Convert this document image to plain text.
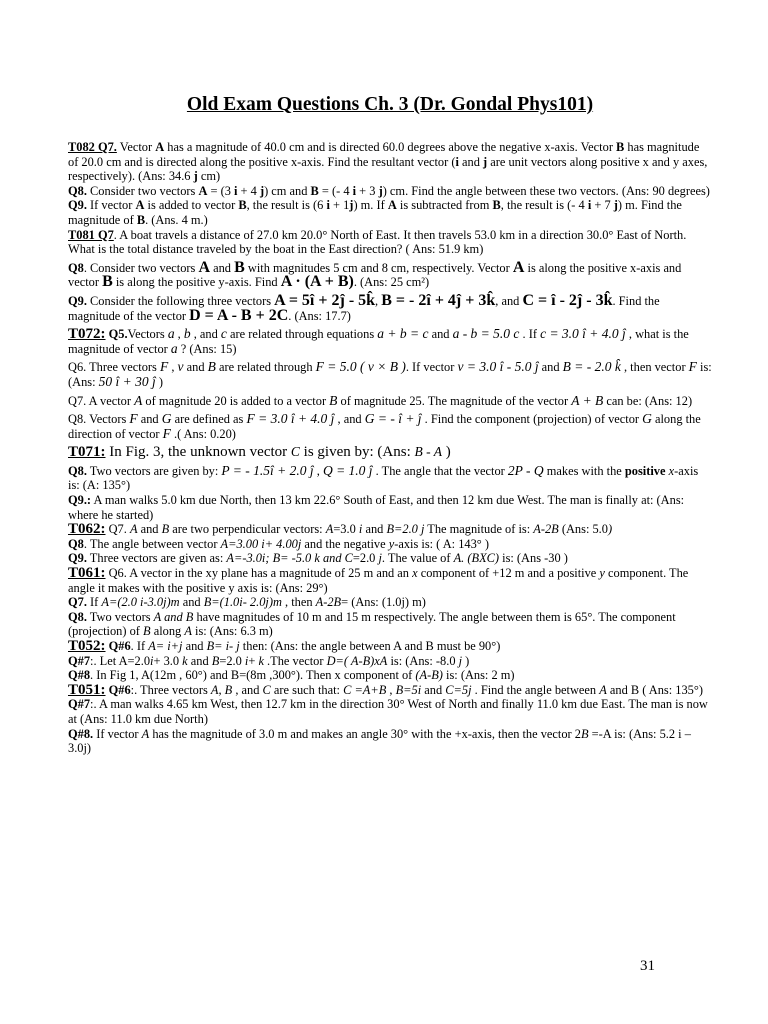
Old Exam Questions Ch. 3 (Dr. Gondal Phys101)

T082 Q7. Vector A has a magnitude of 40.0 cm and is directed 60.0 degrees above the negative x-axis. Vector B has magnitude of 20.0 cm and is directed along the positive x-axis. Find the resultant vector (i and j are unit vectors along positive x and y axes, respectively). (Ans: 34.6 j cm)

Q8. Consider two vectors A = (3 i + 4 j) cm and B = (- 4 i + 3 j) cm. Find the angle between these two vectors. (Ans: 90 degrees)

Q9. If vector A is added to vector B, the result is (6 i + 1j) m. If A is subtracted from B, the result is (- 4 i + 7 j) m. Find the magnitude of B. (Ans. 4 m.)

T081 Q7. A boat travels a distance of 27.0 km 20.0° North of East. It then travels 53.0 km in a direction 30.0° East of North. What is the total distance traveled by the boat in the East direction? ( Ans: 51.9 km)

Q8. Consider two vectors A and B with magnitudes 5 cm and 8 cm, respectively. Vector A is along the positive x-axis and vector B is along the positive y-axis. Find A · (A + B). (Ans: 25 cm²)

Q9. Consider the following three vectors A = 5î + 2ĵ - 5k̂, B = - 2î + 4ĵ + 3k̂, and C = î - 2ĵ - 3k̂. Find the magnitude of the vector D = A - B + 2C. (Ans: 17.7)

T072: Q5.Vectors a , b , and c are related through equations a + b = c and a - b = 5.0 c . If c = 3.0 î + 4.0 ĵ , what is the magnitude of vector a ? (Ans: 15)

Q6. Three vectors F , v and B are related through F = 5.0 ( v × B ). If vector v = 3.0 î - 5.0 ĵ and B = - 2.0 k̂ , then vector F is: (Ans: 50 î + 30 ĵ )

Q7. A vector A of magnitude 20 is added to a vector B of magnitude 25. The magnitude of the vector A + B can be: (Ans: 12)

Q8. Vectors F and G are defined as F = 3.0 î + 4.0 ĵ , and G = - î + ĵ . Find the component (projection) of vector G along the direction of vector F .( Ans: 0.20)

T071: In Fig. 3, the unknown vector C is given by: (Ans: B - A )

Q8. Two vectors are given by: P = - 1.5î + 2.0 ĵ , Q = 1.0 ĵ . The angle that the vector 2P - Q makes with the positive x-axis is: (A: 135°)

Q9.: A man walks 5.0 km due North, then 13 km 22.6° South of East, and then 12 km due West. The man is finally at: (Ans: where he started)

T062: Q7. A and B are two perpendicular vectors: A=3.0 i and B=2.0 j The magnitude of is: A-2B (Ans: 5.0)

Q8. The angle between vector A=3.00 i+ 4.00j and the negative y-axis is: ( A: 143° )

Q9. Three vectors are given as: A=-3.0i; B= -5.0 k and C=2.0 j. The value of A. (BXC) is: (Ans -30 )

T061: Q6. A vector in the xy plane has a magnitude of 25 m and an x component of +12 m and a positive y component. The angle it makes with the positive y axis is: (Ans: 29°)

Q7. If A=(2.0 i-3.0j)m and B=(1.0i- 2.0j)m , then A-2B= (Ans: (1.0j) m)

Q8. Two vectors A and B have magnitudes of 10 m and 15 m respectively. The angle between them is 65°. The component (projection) of B along A is: (Ans: 6.3 m)

T052: Q#6. If A= i+j and B= i- j then: (Ans: the angle between A and B must be 90°)

Q#7:. Let A=2.0i+ 3.0 k and B=2.0 i+ k .The vector D=( A-B)xA is: (Ans: -8.0 j )

Q#8. In Fig 1, A(12m , 60°) and B=(8m ,300°). Then x component of (A-B) is: (Ans: 2 m)

T051: Q#6:. Three vectors A, B , and C are such that: C =A+B , B=5i and C=5j . Find the angle between A and B ( Ans: 135°)

Q#7:. A man walks 4.65 km West, then 12.7 km in the direction 30° West of North and finally 11.0 km due East. The man is now at (Ans: 11.0 km due North)

Q#8. If vector A has the magnitude of 3.0 m and makes an angle 30° with the +x-axis, then the vector 2B =-A is: (Ans: 5.2 i – 3.0j)

31
